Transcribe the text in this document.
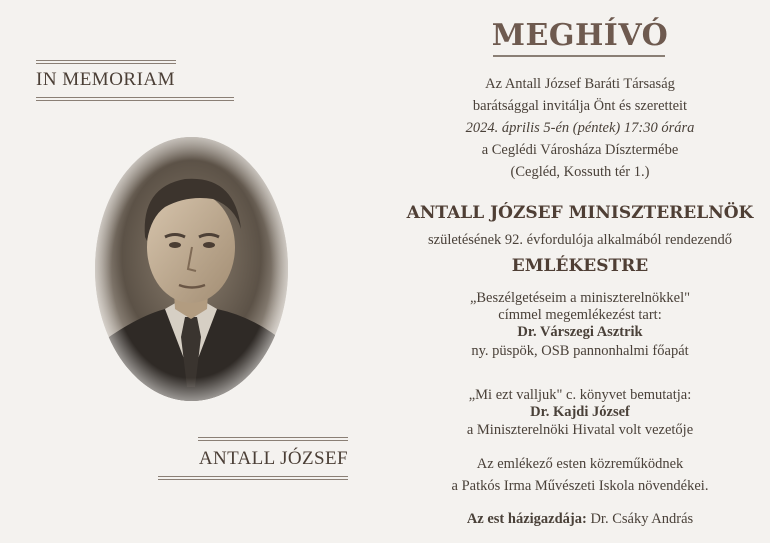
IN MEMORIAM
ANTALL JÓZSEF
MEGHÍVÓ
Az Antall József Baráti Társaság
barátsággal invitálja Önt és szeretteit
2024. április 5-én (péntek) 17:30 órára
a Ceglédi Városháza Dísztermébe
(Cegléd, Kossuth tér 1.)
ANTALL JÓZSEF MINISZTERELNÖK
születésének 92. évfordulója alkalmából rendezendő
EMLÉKESTRE
„Beszélgetéseim a miniszterelnökkel"
címmel megemlékezést tart:
Dr. Várszegi Asztrik
ny. püspök, OSB pannonhalmi főapát
„Mi ezt valljuk" c. könyvet bemutatja:
Dr. Kajdi József
a Miniszterelnöki Hivatal volt vezetője
Az emlékező esten közreműködnek
a Patkós Irma Művészeti Iskola növendékei.
Az est házigazdája: Dr. Csáky András
